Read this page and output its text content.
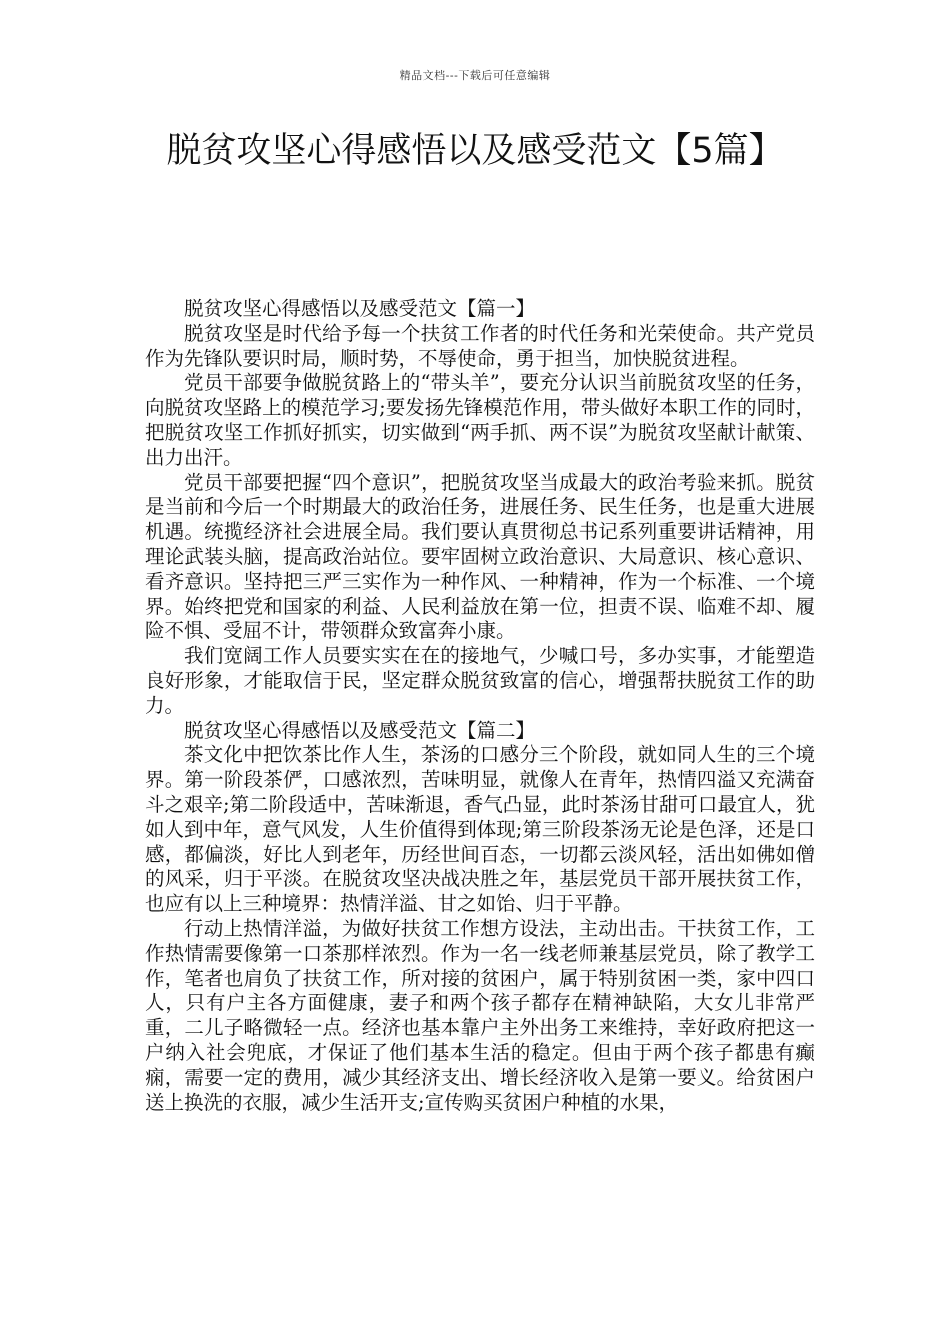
精品文档---下载后可任意编辑
脱贫攻坚心得感悟以及感受范文【5篇】

脱贫攻坚心得感悟以及感受范文【篇一】

脱贫攻坚是时代给予每一个扶贫工作者的时代任务和光荣使命。共产党员作为先锋队要识时局，顺时势，不辱使命，勇于担当，加快脱贫进程。

党员干部要争做脱贫路上的“带头羊”，要充分认识当前脱贫攻坚的任务，向脱贫攻坚路上的模范学习;要发扬先锋模范作用，带头做好本职工作的同时，把脱贫攻坚工作抓好抓实，切实做到“两手抓、两不误”为脱贫攻坚献计献策、出力出汗。

党员干部要把握“四个意识”，把脱贫攻坚当成最大的政治考验来抓。脱贫是当前和今后一个时期最大的政治任务，进展任务、民生任务，也是重大进展机遇。统揽经济社会进展全局。我们要认真贯彻总书记系列重要讲话精神，用理论武装头脑，提高政治站位。要牢固树立政治意识、大局意识、核心意识、看齐意识。坚持把三严三实作为一种作风、一种精神，作为一个标准、一个境界。始终把党和国家的利益、人民利益放在第一位，担责不误、临难不却、履险不惧、受屈不计，带领群众致富奔小康。

我们宽阔工作人员要实实在在的接地气，少喊口号，多办实事，才能塑造良好形象，才能取信于民，坚定群众脱贫致富的信心，增强帮扶脱贫工作的助力。

脱贫攻坚心得感悟以及感受范文【篇二】

茶文化中把饮茶比作人生，茶汤的口感分三个阶段，就如同人生的三个境界。第一阶段茶俨，口感浓烈，苦味明显，就像人在青年，热情四溢又充满奋斗之艰辛;第二阶段适中，苦味渐退，香气凸显，此时茶汤甘甜可口最宜人，犹如人到中年，意气风发，人生价值得到体现;第三阶段茶汤无论是色泽，还是口感，都偏淡，好比人到老年，历经世间百态，一切都云淡风轻，活出如佛如僧的风采，归于平淡。在脱贫攻坚决战决胜之年，基层党员干部开展扶贫工作，也应有以上三种境界：热情洋溢、甘之如饴、归于平静。

行动上热情洋溢，为做好扶贫工作想方设法，主动出击。干扶贫工作，工作热情需要像第一口茶那样浓烈。作为一名一线老师兼基层党员，除了教学工作，笔者也肩负了扶贫工作，所对接的贫困户，属于特别贫困一类，家中四口人，只有户主各方面健康，妻子和两个孩子都存在精神缺陷，大女儿非常严重，二儿子略微轻一点。经济也基本靠户主外出务工来维持，幸好政府把这一户纳入社会兜底，才保证了他们基本生活的稳定。但由于两个孩子都患有癫痫，需要一定的费用，减少其经济支出、增长经济收入是第一要义。给贫困户送上换洗的衣服，减少生活开支;宣传购买贫困户种植的水果，
